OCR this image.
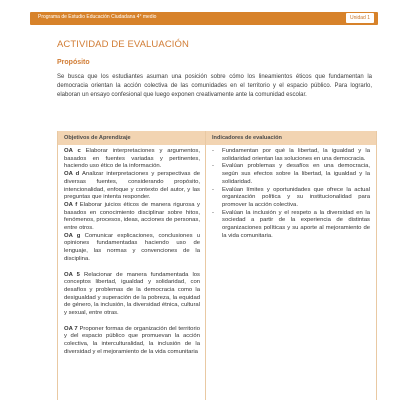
Programa de Estudio Educación Ciudadana 4° medio	Unidad 1
ACTIVIDAD DE EVALUACIÓN
Propósito
Se busca que los estudiantes asuman una posición sobre cómo los lineamientos éticos que fundamentan la democracia orientan la acción colectiva de las comunidades en el territorio y el espacio público. Para lograrlo, elaboran un ensayo confesional que luego exponen creativamente ante la comunidad escolar.
Objetivos de Aprendizaje	Indicadores de evaluación

OA c Elaborar interpretaciones y argumentos, basados en fuentes variadas y pertinentes, haciendo uso ético de la información.

OA d Analizar interpretaciones y perspectivas de diversas fuentes, considerando propósito, intencionalidad, enfoque y contexto del autor, y las preguntas que intenta responder.

OA f Elaborar juicios éticos de manera rigurosa y basados en conocimiento disciplinar sobre hitos, fenómenos, procesos, ideas, acciones de personas, entre otros.

OA g Comunicar explicaciones, conclusiones u opiniones fundamentadas haciendo uso de lenguaje, las normas y convenciones de la disciplina.

OA 5 Relacionar de manera fundamentada los conceptos libertad, igualdad y solidaridad, con desafíos y problemas de la democracia como la desigualdad y superación de la pobreza, la equidad de género, la inclusión, la diversidad étnica, cultural y sexual, entre otras.

OA 7 Proponer formas de organización del territorio y del espacio público que promuevan la acción colectiva, la interculturalidad, la inclusión de la diversidad y el mejoramiento de la vida comunitaria

- Fundamentan por qué la libertad, la igualdad y la solidaridad orientan las soluciones en una democracia.
- Evalúan problemas y desafíos en una democracia, según sus efectos sobre la libertad, la igualdad y la solidaridad.
- Evalúan límites y oportunidades que ofrece la actual organización política y su institucionalidad para promover la acción colectiva.
- Evalúan la inclusión y el respeto a la diversidad en la sociedad a partir de la experiencia de distintas organizaciones políticas y su aporte al mejoramiento de la vida comunitaria.
